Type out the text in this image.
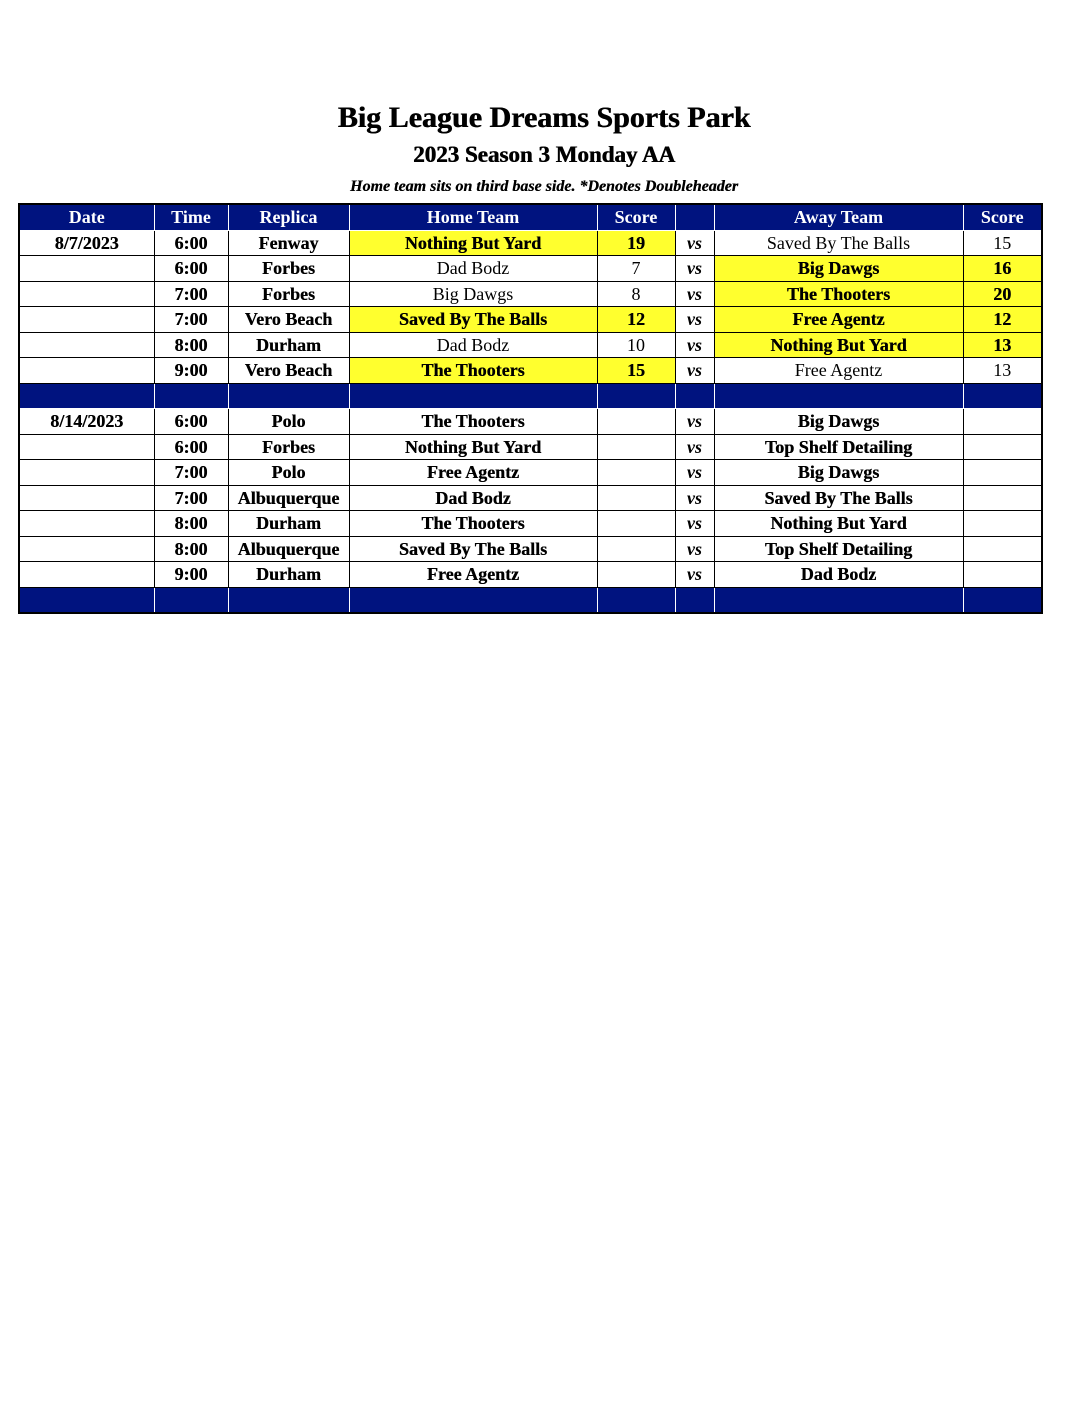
Big League Dreams Sports Park
2023 Season 3 Monday AA
Home team sits on third base side. *Denotes Doubleheader
Date	Time	Replica	Home Team	Score		Away Team	Score
8/7/2023	6:00	Fenway	Nothing But Yard	19	vs	Saved By The Balls	15
	6:00	Forbes	Dad Bodz	7	vs	Big Dawgs	16
	7:00	Forbes	Big Dawgs	8	vs	The Thooters	20
	7:00	Vero Beach	Saved By The Balls	12	vs	Free Agentz	12
	8:00	Durham	Dad Bodz	10	vs	Nothing But Yard	13
	9:00	Vero Beach	The Thooters	15	vs	Free Agentz	13

8/14/2023	6:00	Polo	The Thooters		vs	Big Dawgs	
	6:00	Forbes	Nothing But Yard		vs	Top Shelf Detailing	
	7:00	Polo	Free Agentz		vs	Big Dawgs	
	7:00	Albuquerque	Dad Bodz		vs	Saved By The Balls	
	8:00	Durham	The Thooters		vs	Nothing But Yard	
	8:00	Albuquerque	Saved By The Balls		vs	Top Shelf Detailing	
	9:00	Durham	Free Agentz		vs	Dad Bodz	
